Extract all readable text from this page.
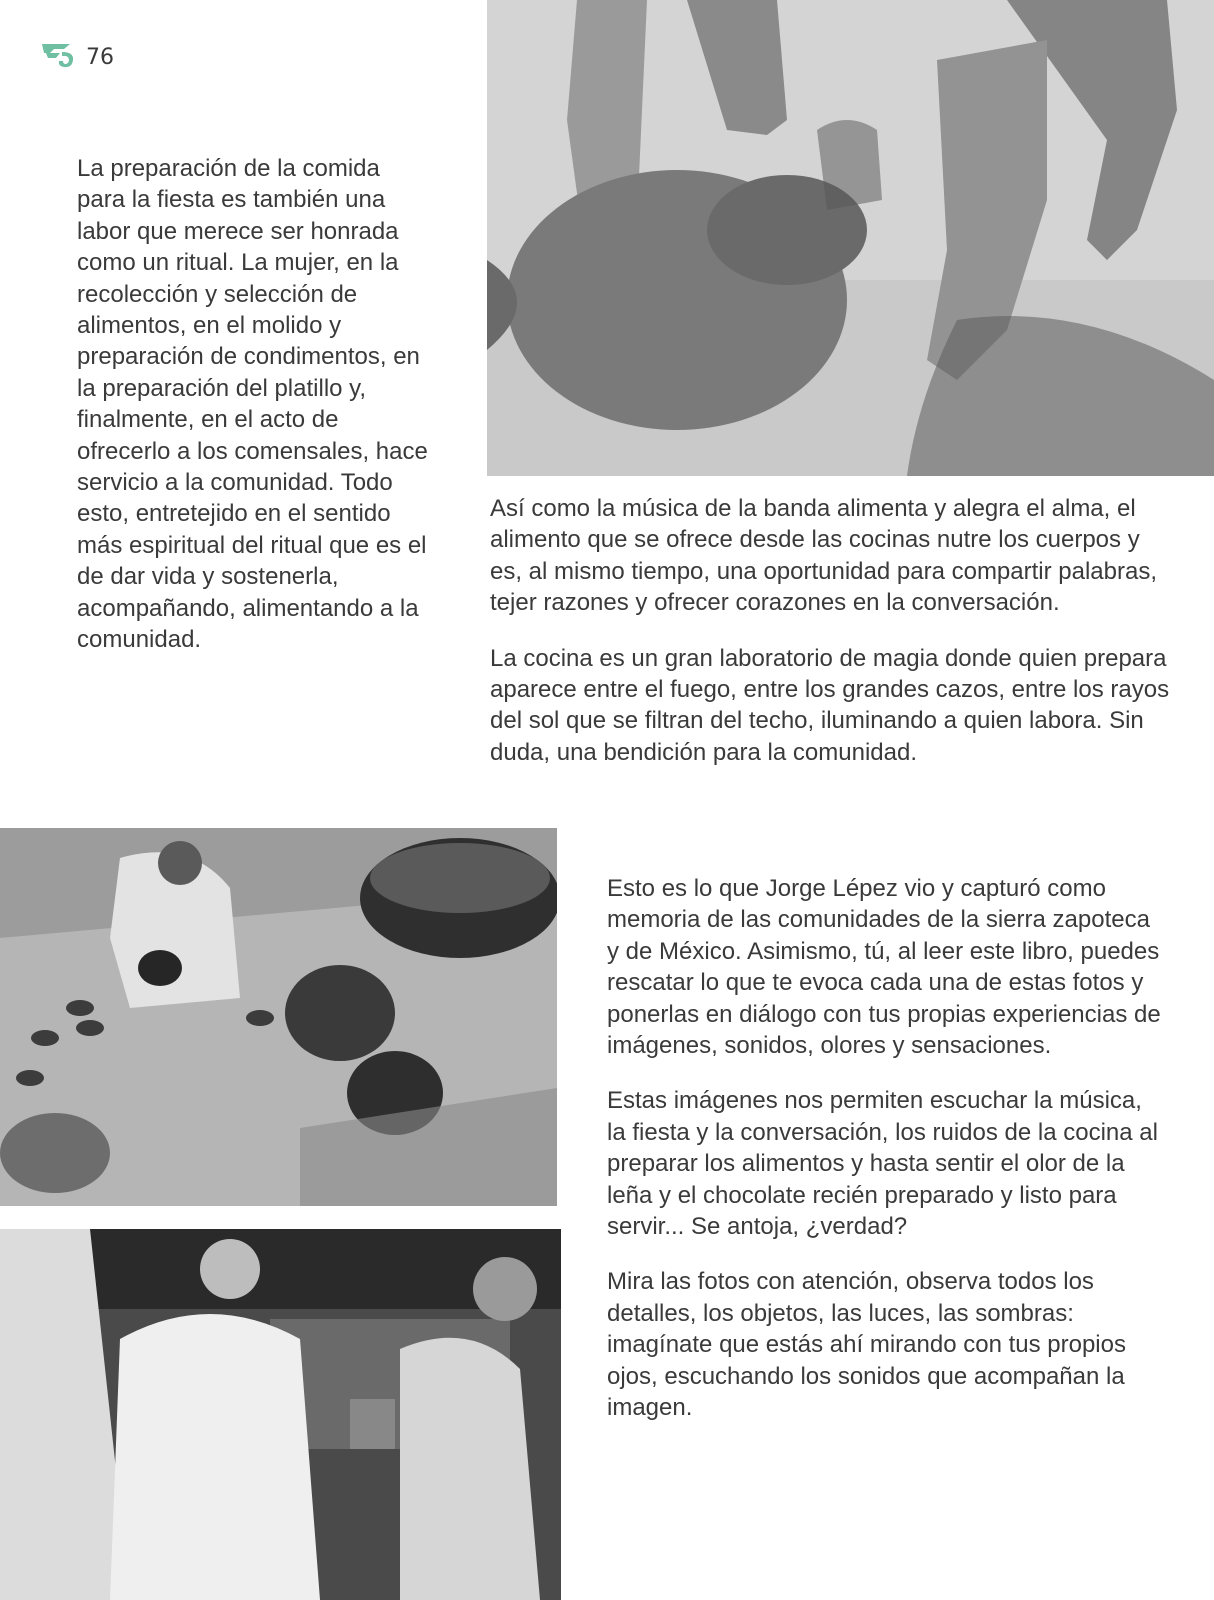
76

La preparación de la comida para la fiesta es también una labor que merece ser honrada como un ritual. La mujer, en la recolección y selección de alimentos, en el molido y preparación de condimentos, en la preparación del platillo y, finalmente, en el acto de ofrecerlo a los comensales, hace servicio a la comunidad. Todo esto, entretejido en el sentido más espiritual del ritual que es el de dar vida y sostenerla, acompañando, alimentando a la comunidad.

Así como la música de la banda alimenta y alegra el alma, el alimento que se ofrece desde las cocinas nutre los cuerpos y es, al mismo tiempo, una oportunidad para compartir palabras, tejer razones y ofrecer corazones en la conversación.

La cocina es un gran laboratorio de magia donde quien prepara aparece entre el fuego, entre los grandes cazos, entre los rayos del sol que se filtran del techo, iluminando a quien labora. Sin duda, una bendición para la comunidad.

Esto es lo que Jorge Lépez vio y capturó como memoria de las comunidades de la sierra zapoteca y de México. Asimismo, tú, al leer este libro, puedes rescatar lo que te evoca cada una de estas fotos y ponerlas en diálogo con tus propias experiencias de imágenes, sonidos, olores y sensaciones.

Estas imágenes nos permiten escuchar la música, la fiesta y la conversación, los ruidos de la cocina al preparar los alimentos y hasta sentir el olor de la leña y el chocolate recién preparado y listo para servir... Se antoja, ¿verdad?

Mira las fotos con atención, observa todos los detalles, los objetos, las luces, las sombras: imagínate que estás ahí mirando con tus propios ojos, escuchando los sonidos que acompañan la imagen.
